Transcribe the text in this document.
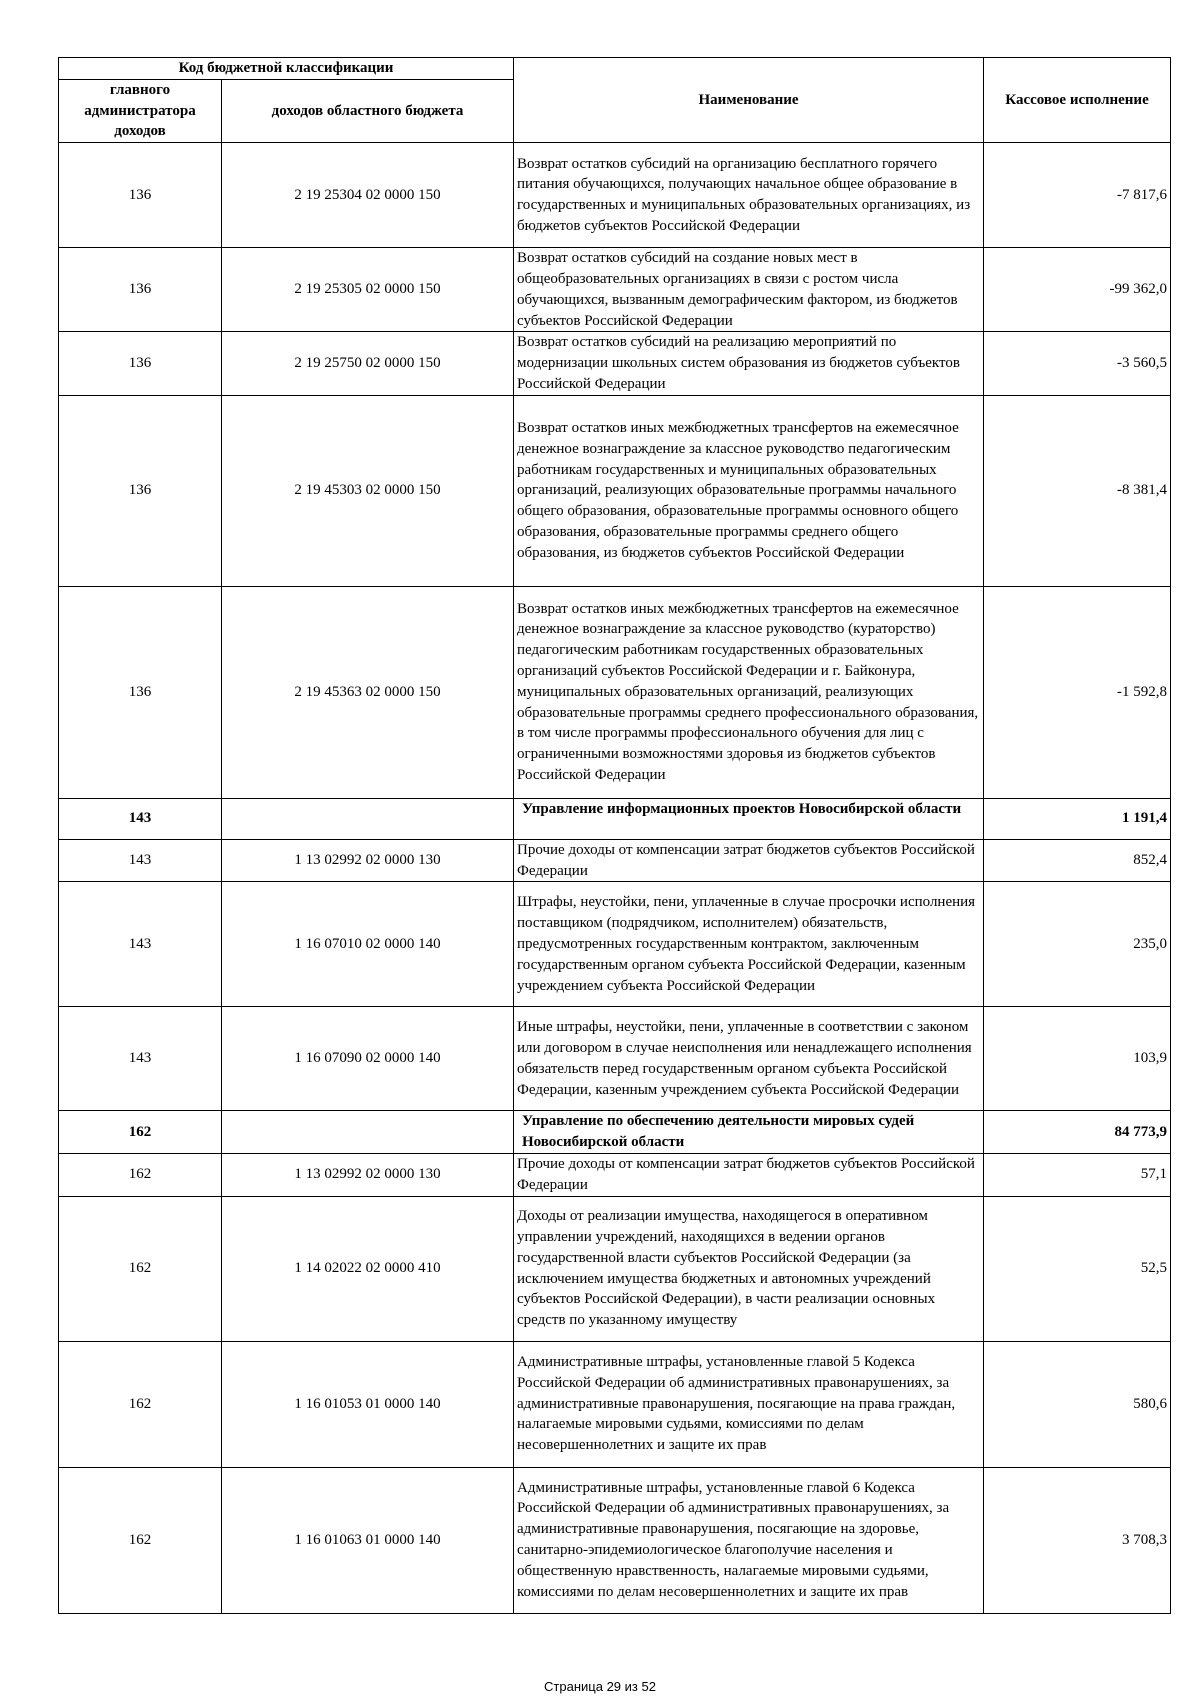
Код бюджетной классификации		Наименование	Кассовое исполнение
главного администратора доходов	доходов областного бюджета		
136	2 19 25304 02 0000 150	Возврат остатков субсидий на организацию бесплатного горячего питания обучающихся, получающих начальное общее образование в государственных и муниципальных образовательных организациях, из бюджетов субъектов Российской Федерации	-7 817,6
136	2 19 25305 02 0000 150	Возврат остатков субсидий на создание новых мест в общеобразовательных организациях в связи с ростом числа обучающихся, вызванным демографическим фактором, из бюджетов субъектов Российской Федерации	-99 362,0
136	2 19 25750 02 0000 150	Возврат остатков субсидий на реализацию мероприятий по модернизации школьных систем образования из бюджетов субъектов Российской Федерации	-3 560,5
136	2 19 45303 02 0000 150	Возврат остатков иных межбюджетных трансфертов на ежемесячное денежное вознаграждение за классное руководство педагогическим работникам государственных и муниципальных образовательных организаций, реализующих образовательные программы начального общего образования, образовательные программы основного общего образования, образовательные программы среднего общего образования, из бюджетов субъектов Российской Федерации	-8 381,4
136	2 19 45363 02 0000 150	Возврат остатков иных межбюджетных трансфертов на ежемесячное денежное вознаграждение за классное руководство (кураторство) педагогическим работникам государственных образовательных организаций субъектов Российской Федерации и г. Байконура, муниципальных образовательных организаций, реализующих образовательные программы среднего профессионального образования, в том числе программы профессионального обучения для лиц с ограниченными возможностями здоровья из бюджетов субъектов Российской Федерации	-1 592,8
143		Управление информационных проектов Новосибирской области	1 191,4
143	1 13 02992 02 0000 130	Прочие доходы от компенсации затрат бюджетов субъектов Российской Федерации	852,4
143	1 16 07010 02 0000 140	Штрафы, неустойки, пени, уплаченные в случае просрочки исполнения поставщиком (подрядчиком, исполнителем) обязательств, предусмотренных государственным контрактом, заключенным государственным органом субъекта Российской Федерации, казенным учреждением субъекта Российской Федерации	235,0
143	1 16 07090 02 0000 140	Иные штрафы, неустойки, пени, уплаченные в соответствии с законом или договором в случае неисполнения или ненадлежащего исполнения обязательств перед государственным органом субъекта Российской Федерации, казенным учреждением субъекта Российской Федерации	103,9
162		Управление по обеспечению деятельности мировых судей Новосибирской области	84 773,9
162	1 13 02992 02 0000 130	Прочие доходы от компенсации затрат бюджетов субъектов Российской Федерации	57,1
162	1 14 02022 02 0000 410	Доходы от реализации имущества, находящегося в оперативном управлении учреждений, находящихся в ведении органов государственной власти субъектов Российской Федерации (за исключением имущества бюджетных и автономных учреждений субъектов Российской Федерации), в части реализации основных средств по указанному имуществу	52,5
162	1 16 01053 01 0000 140	Административные штрафы, установленные главой 5 Кодекса Российской Федерации об административных правонарушениях, за административные правонарушения, посягающие на права граждан, налагаемые мировыми судьями, комиссиями по делам несовершеннолетних и защите их прав	580,6
162	1 16 01063 01 0000 140	Административные штрафы, установленные главой 6 Кодекса Российской Федерации об административных правонарушениях, за административные правонарушения, посягающие на здоровье, санитарно-эпидемиологическое благополучие населения и общественную нравственность, налагаемые мировыми судьями, комиссиями по делам несовершеннолетних и защите их прав	3 708,3
Страница 29 из 52
